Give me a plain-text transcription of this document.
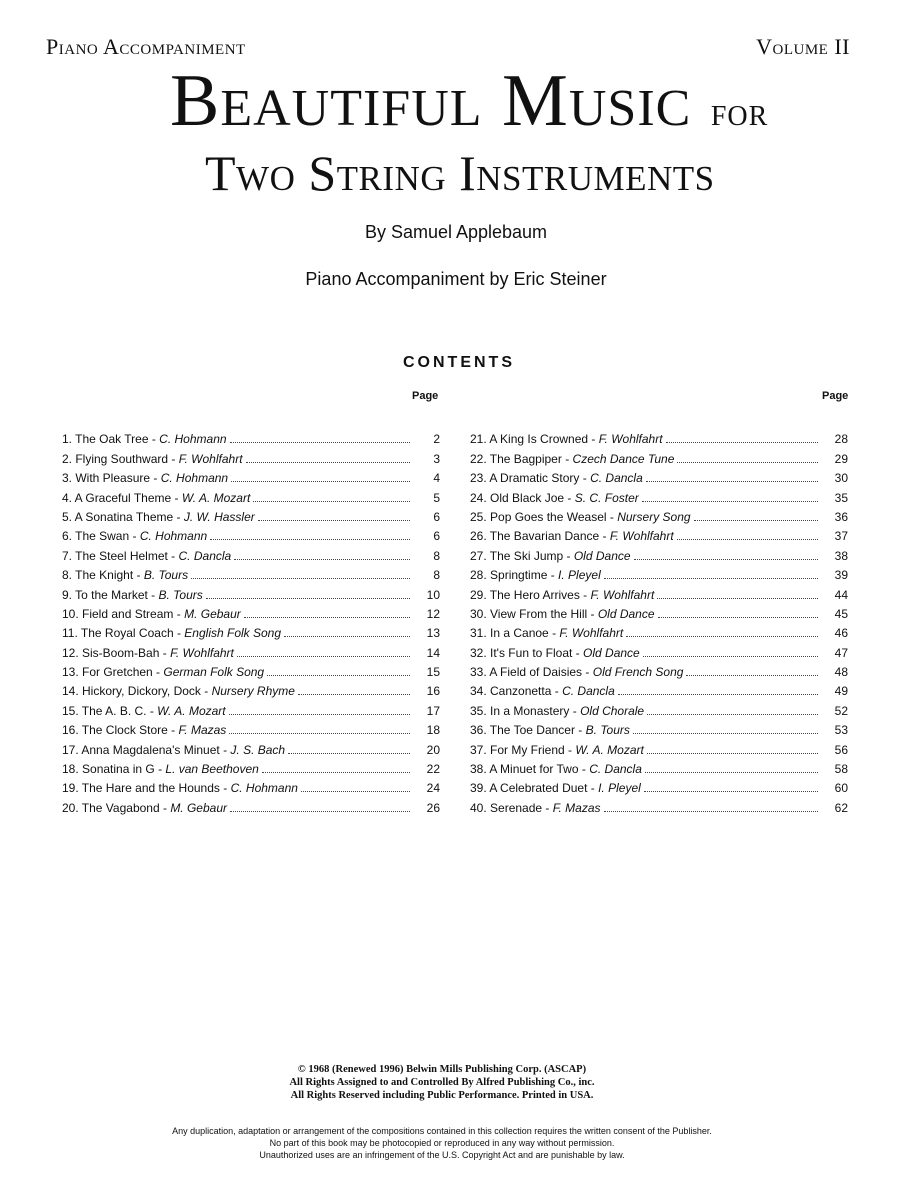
Piano Accompaniment	Volume II
Beautiful Music for
Two String Instruments
By Samuel Applebaum
Piano Accompaniment by Eric Steiner
CONTENTS
Page	Page
1. The Oak Tree - C. Hohmann	2
2. Flying Southward - F. Wohlfahrt	3
3. With Pleasure - C. Hohmann	4
4. A Graceful Theme - W. A. Mozart	5
5. A Sonatina Theme - J. W. Hassler	6
6. The Swan - C. Hohmann	6
7. The Steel Helmet - C. Dancla	8
8. The Knight - B. Tours	8
9. To the Market - B. Tours	10
10. Field and Stream - M. Gebaur	12
11. The Royal Coach - English Folk Song	13
12. Sis-Boom-Bah - F. Wohlfahrt	14
13. For Gretchen - German Folk Song	15
14. Hickory, Dickory, Dock - Nursery Rhyme	16
15. The A. B. C. - W. A. Mozart	17
16. The Clock Store - F. Mazas	18
17. Anna Magdalena's Minuet - J. S. Bach	20
18. Sonatina in G - L. van Beethoven	22
19. The Hare and the Hounds - C. Hohmann	24
20. The Vagabond - M. Gebaur	26
21. A King Is Crowned - F. Wohlfahrt	28
22. The Bagpiper - Czech Dance Tune	29
23. A Dramatic Story - C. Dancla	30
24. Old Black Joe - S. C. Foster	35
25. Pop Goes the Weasel - Nursery Song	36
26. The Bavarian Dance - F. Wohlfahrt	37
27. The Ski Jump - Old Dance	38
28. Springtime - I. Pleyel	39
29. The Hero Arrives - F. Wohlfahrt	44
30. View From the Hill - Old Dance	45
31. In a Canoe - F. Wohlfahrt	46
32. It's Fun to Float - Old Dance	47
33. A Field of Daisies - Old French Song	48
34. Canzonetta - C. Dancla	49
35. In a Monastery - Old Chorale	52
36. The Toe Dancer - B. Tours	53
37. For My Friend - W. A. Mozart	56
38. A Minuet for Two - C. Dancla	58
39. A Celebrated Duet - I. Pleyel	60
40. Serenade - F. Mazas	62
© 1968 (Renewed 1996) Belwin Mills Publishing Corp. (ASCAP)
All Rights Assigned to and Controlled By Alfred Publishing Co., inc.
All Rights Reserved including Public Performance. Printed in USA.
Any duplication, adaptation or arrangement of the compositions contained in this collection requires the written consent of the Publisher.
No part of this book may be photocopied or reproduced in any way without permission.
Unauthorized uses are an infringement of the U.S. Copyright Act and are punishable by law.
